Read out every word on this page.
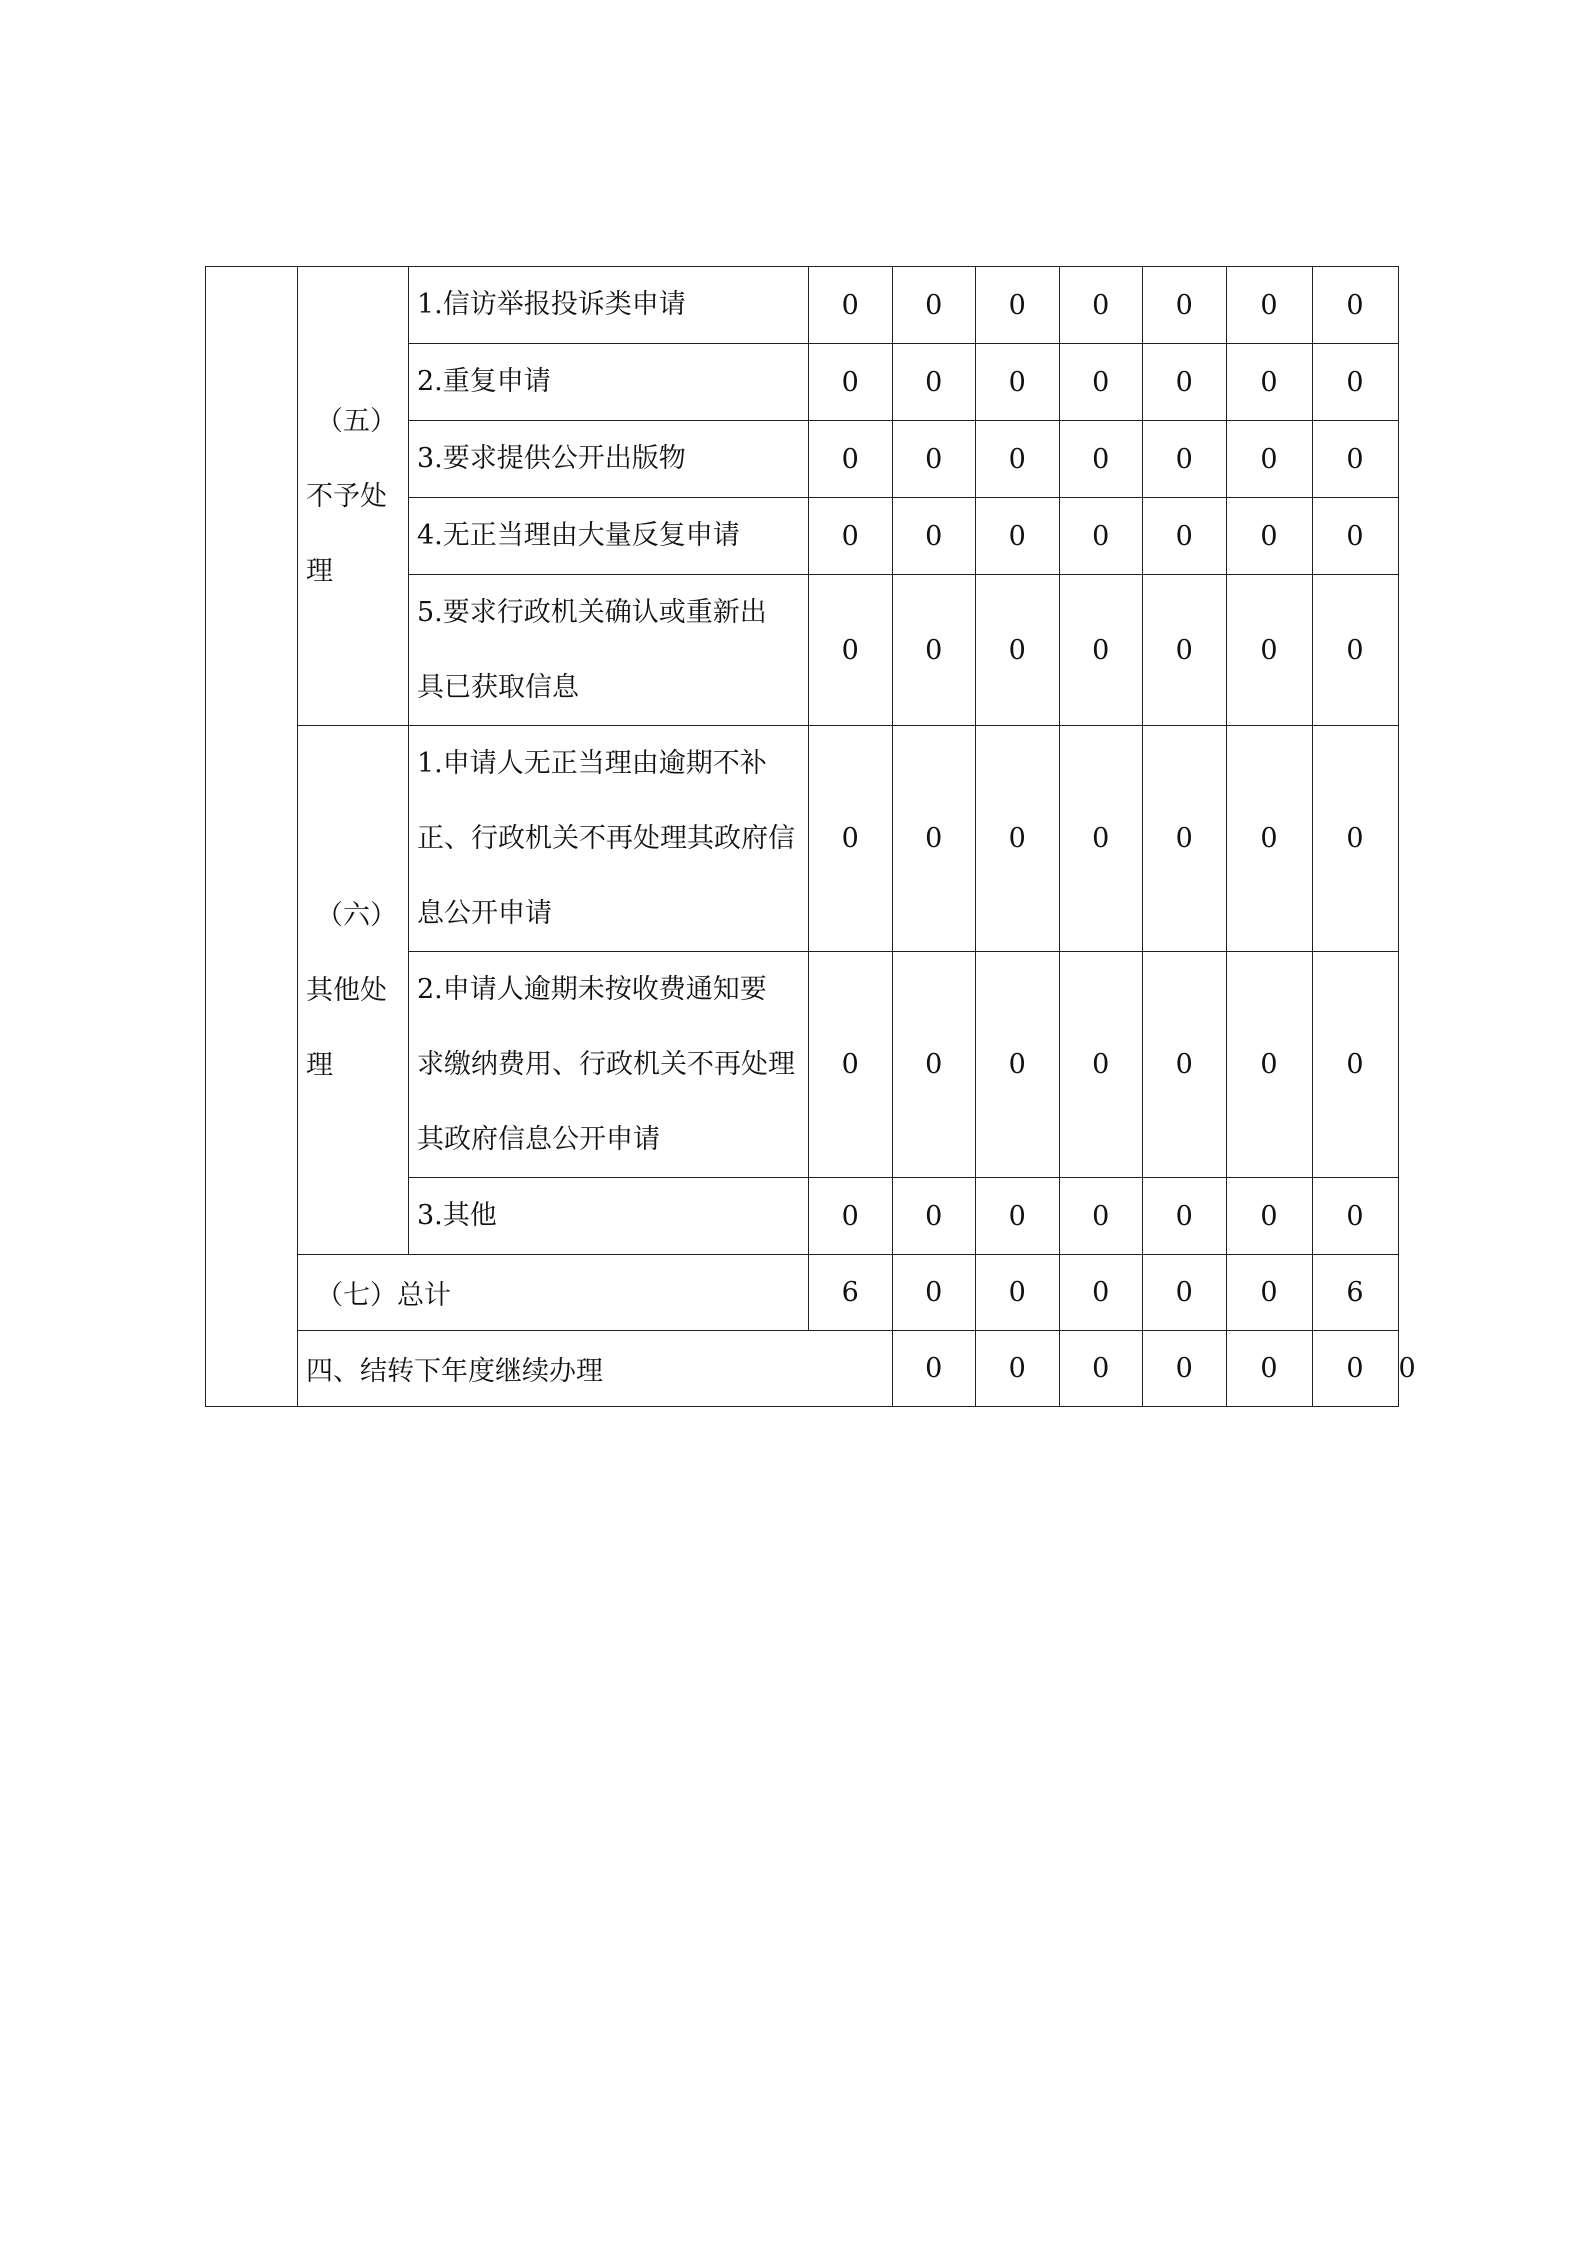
	（五）
不予处
理	1.信访举报投诉类申请	0	0	0	0	0	0	0	
		2.重复申请	0	0	0	0	0	0	0	
		3.要求提供公开出版物	0	0	0	0	0	0	0	
		4.无正当理由大量反复申请	0	0	0	0	0	0	0	

		5.要求行政机关确认或重新出
具已获取信息	0	0	0	0	0	0	0	

	（六）
其他处
理	1.申请人无正当理由逾期不补
正、行政机关不再处理其政府信
息公开申请	0	0	0	0	0	0	0	

		2.申请人逾期未按收费通知要
求缴纳费用、行政机关不再处理
其政府信息公开申请	0	0	0	0	0	0	0	
		3.其他	0	0	0	0	0	0	0	
	（七）总计		6	0	0	0	0	0	6	
	四、结转下年度继续办理			0	0	0	0	0	0	0
